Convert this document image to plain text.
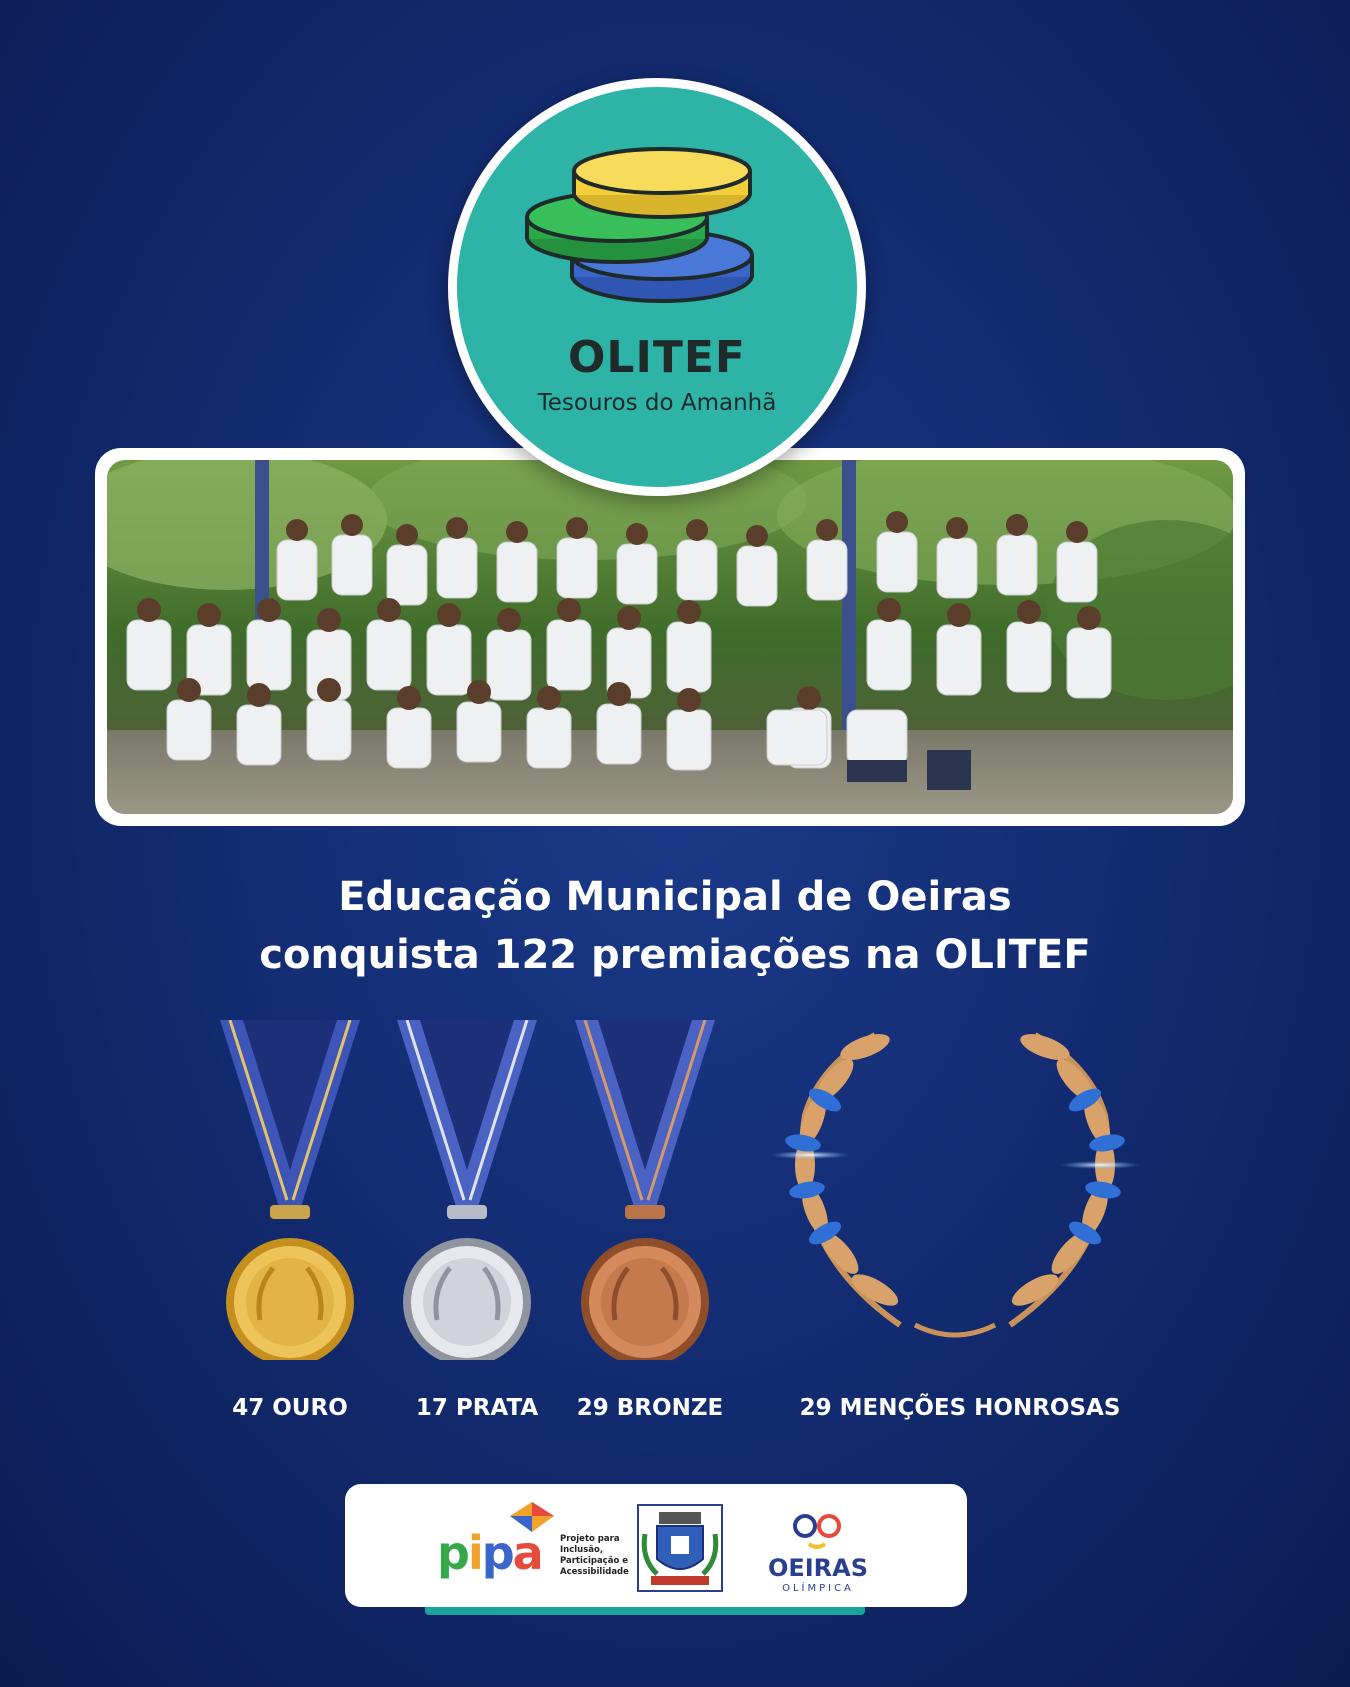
OLITEF
Tesouros do Amanhã
Educação Municipal de Oeiras
conquista 122 premiações na OLITEF
47 OURO	17 PRATA	29 BRONZE	29 MENÇÕES HONROSAS
pipa Projeto para
Inclusão,
Participação e
Acessibilidade	OEIRAS
OLÍMPICA
